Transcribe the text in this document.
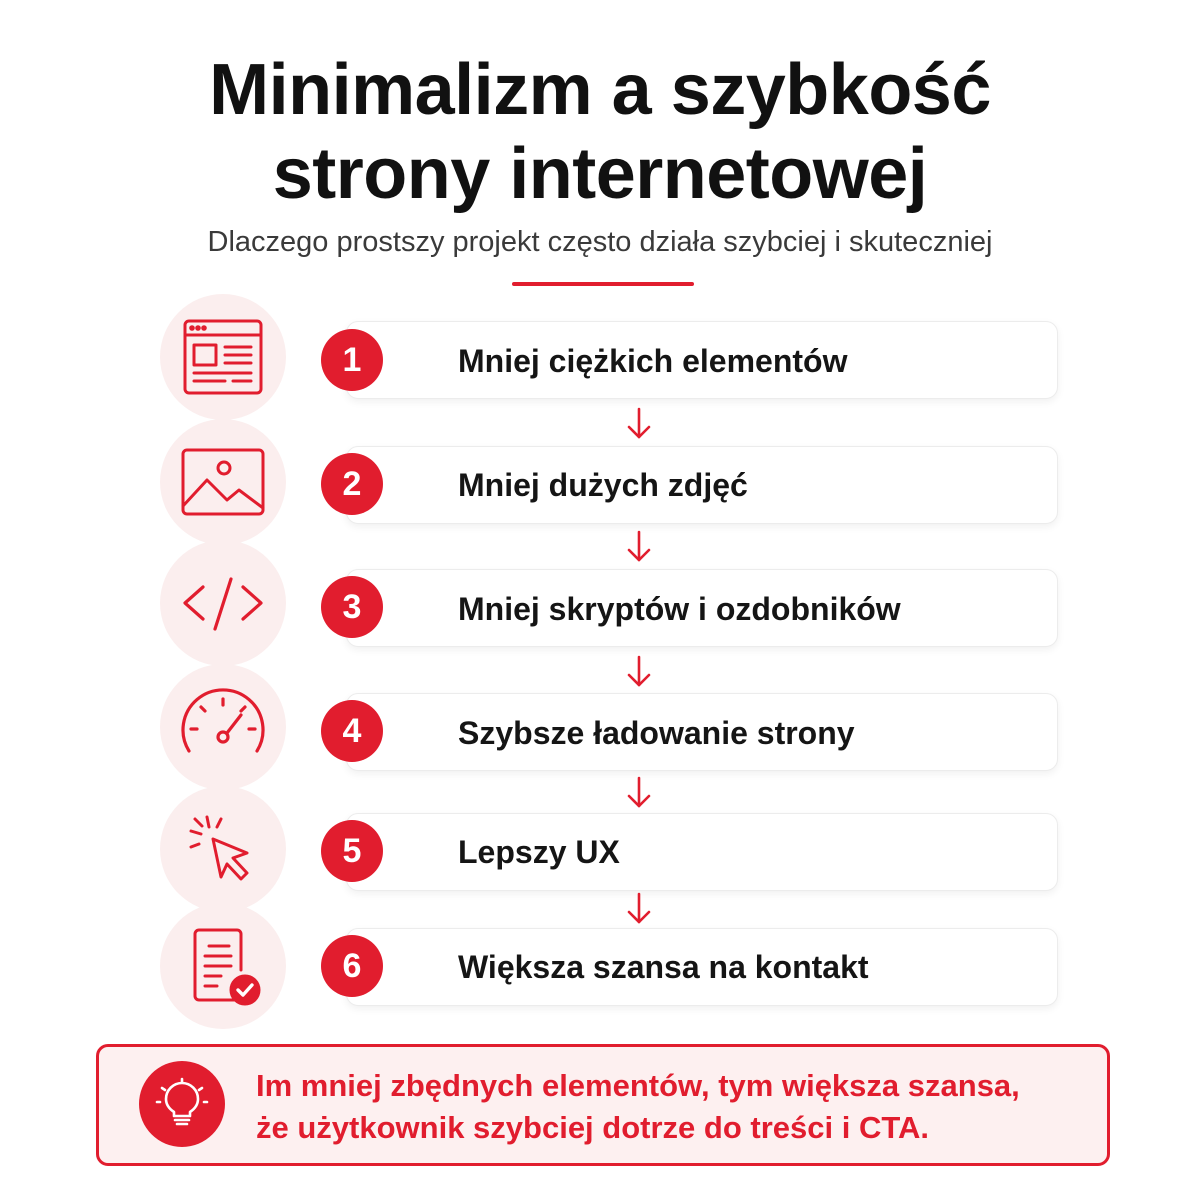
Minimalizm a szybkość
strony internetowej
Dlaczego prostszy projekt często działa szybciej i skuteczniej
1	Mniej ciężkich elementów
2	Mniej dużych zdjęć
3	Mniej skryptów i ozdobników
4	Szybsze ładowanie strony
5	Lepszy UX
6	Większa szansa na kontakt
Im mniej zbędnych elementów, tym większa szansa,
że użytkownik szybciej dotrze do treści i CTA.
